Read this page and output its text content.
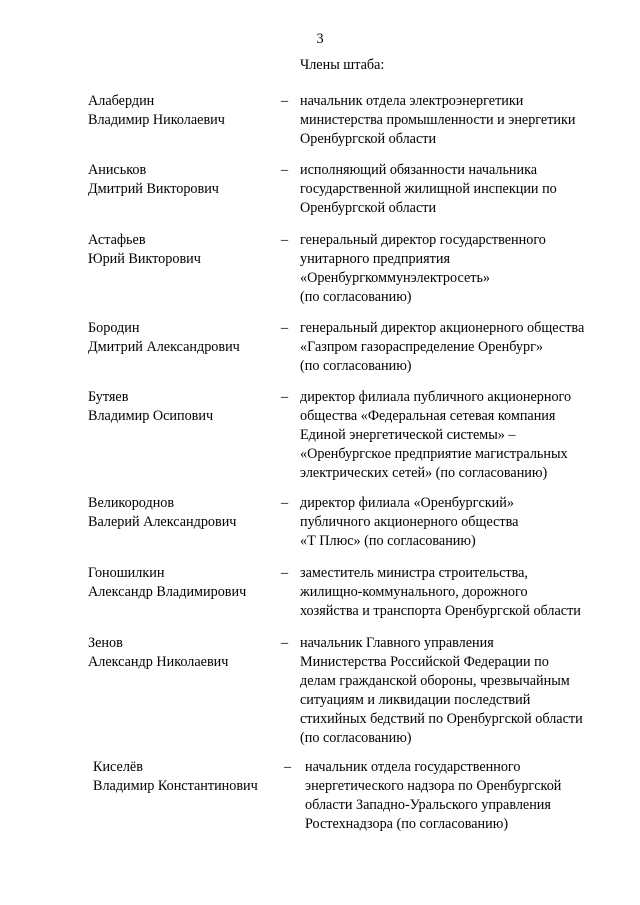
3
Члены штаба:
Алабердин
Владимир Николаевич
– начальник отдела электроэнергетики
министерства промышленности и энергетики
Оренбургской области
Аниськов
Дмитрий Викторович
– исполняющий обязанности начальника
государственной жилищной инспекции по
Оренбургской области
Астафьев
Юрий Викторович
– генеральный директор государственного
унитарного предприятия
«Оренбургкоммунэлектросеть»
(по согласованию)
Бородин
Дмитрий Александрович
– генеральный директор акционерного общества
«Газпром газораспределение Оренбург»
(по согласованию)
Бутяев
Владимир Осипович
– директор филиала публичного акционерного
общества «Федеральная сетевая компания
Единой энергетической системы» –
«Оренбургское предприятие магистральных
электрических сетей» (по согласованию)
Великороднов
Валерий Александрович
– директор филиала «Оренбургский»
публичного акционерного общества
«Т Плюс» (по согласованию)
Гоношилкин
Александр Владимирович
– заместитель министра строительства,
жилищно-коммунального, дорожного
хозяйства и транспорта Оренбургской области
Зенов
Александр Николаевич
– начальник Главного управления
Министерства Российской Федерации по
делам гражданской обороны, чрезвычайным
ситуациям и ликвидации последствий
стихийных бедствий по Оренбургской области
(по согласованию)
Киселёв
Владимир Константинович
– начальник отдела государственного
энергетического надзора по Оренбургской
области Западно-Уральского управления
Ростехнадзора (по согласованию)
